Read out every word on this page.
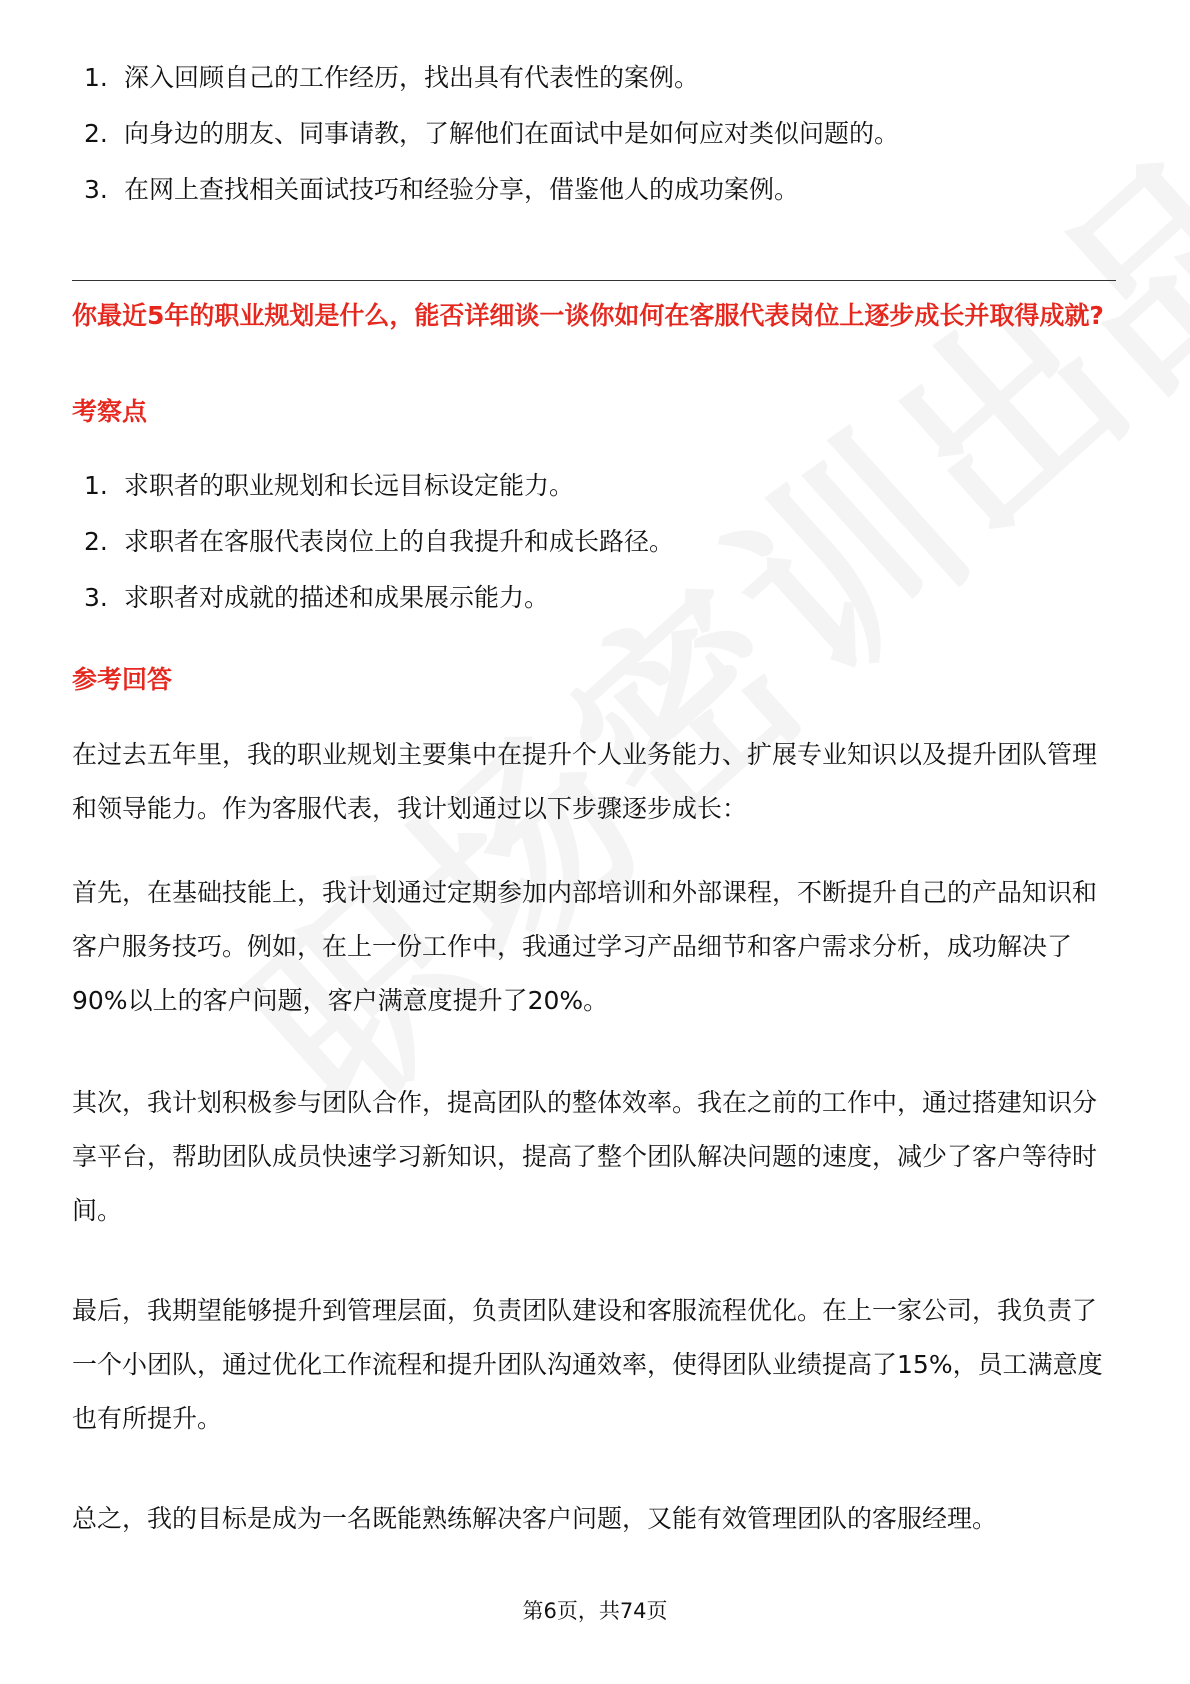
1. 深入回顾自己的工作经历，找出具有代表性的案例。
2. 向身边的朋友、同事请教，了解他们在面试中是如何应对类似问题的。
3. 在网上查找相关面试技巧和经验分享，借鉴他人的成功案例。
你最近5年的职业规划是什么，能否详细谈一谈你如何在客服代表岗位上逐步成长并取得成就?
考察点
1. 求职者的职业规划和长远目标设定能力。
2. 求职者在客服代表岗位上的自我提升和成长路径。
3. 求职者对成就的描述和成果展示能力。
参考回答

在过去五年里，我的职业规划主要集中在提升个人业务能力、扩展专业知识以及提升团队管理和领导能力。作为客服代表，我计划通过以下步骤逐步成长：

首先，在基础技能上，我计划通过定期参加内部培训和外部课程，不断提升自己的产品知识和客户服务技巧。例如，在上一份工作中，我通过学习产品细节和客户需求分析，成功解决了90%以上的客户问题，客户满意度提升了20%。

其次，我计划积极参与团队合作，提高团队的整体效率。我在之前的工作中，通过搭建知识分享平台，帮助团队成员快速学习新知识，提高了整个团队解决问题的速度，减少了客户等待时间。

最后，我期望能够提升到管理层面，负责团队建设和客服流程优化。在上一家公司，我负责了一个小团队，通过优化工作流程和提升团队沟通效率，使得团队业绩提高了15%，员工满意度也有所提升。

总之，我的目标是成为一名既能熟练解决客户问题，又能有效管理团队的客服经理。

第6页，共74页
